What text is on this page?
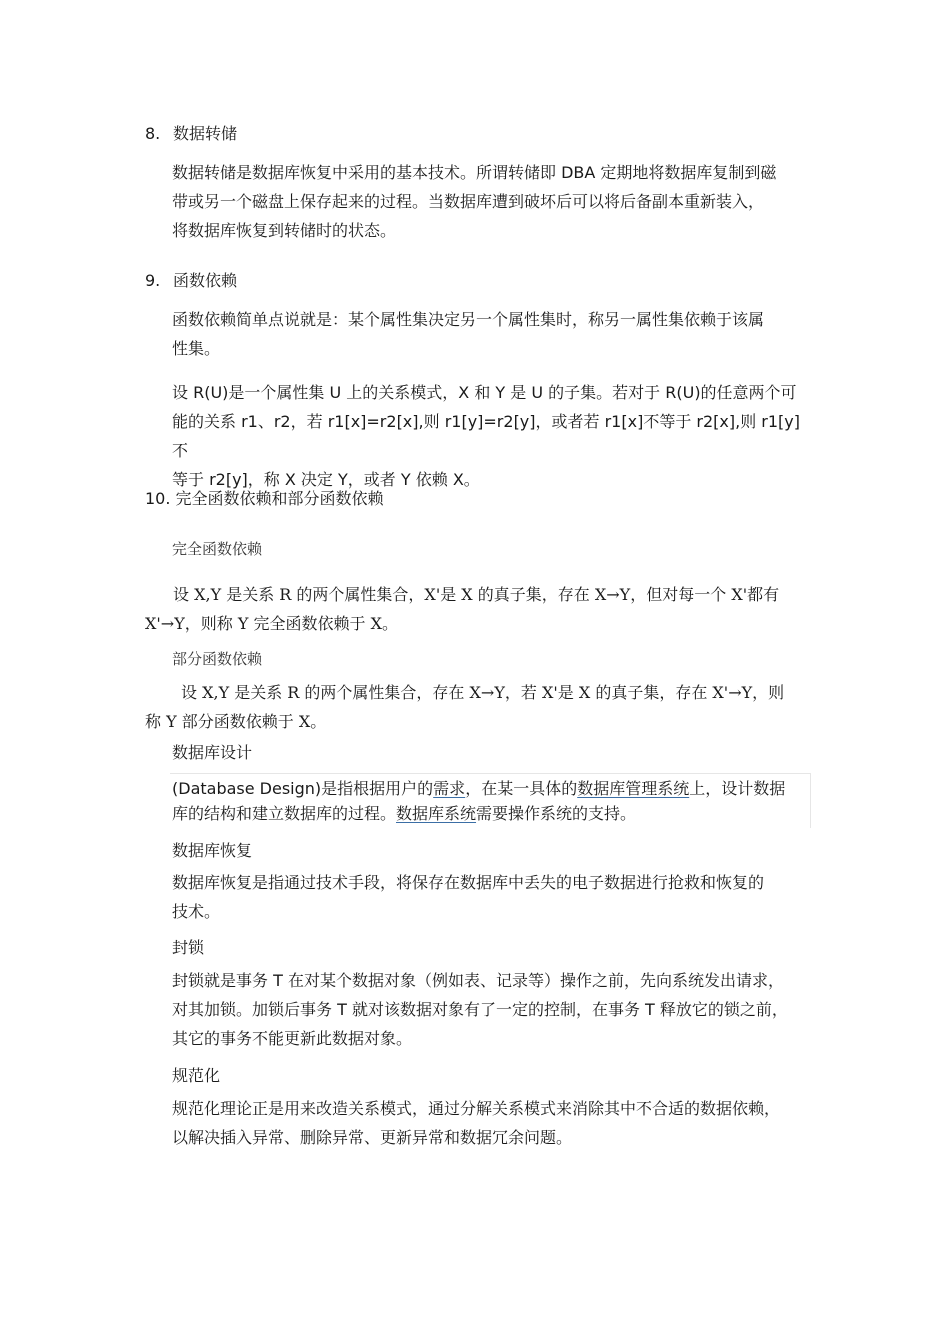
8. 数据转储
数据转储是数据库恢复中采用的基本技术。所谓转储即 DBA 定期地将数据库复制到磁
带或另一个磁盘上保存起来的过程。当数据库遭到破坏后可以将后备副本重新装入，
将数据库恢复到转储时的状态。
9. 函数依赖
函数依赖简单点说就是：某个属性集决定另一个属性集时，称另一属性集依赖于该属
性集。
设 R(U)是一个属性集 U 上的关系模式，X 和 Y 是 U 的子集。若对于 R(U)的任意两个可
能的关系 r1、r2，若 r1[x]=r2[x],则 r1[y]=r2[y]，或者若 r1[x]不等于 r2[x],则 r1[y]不
等于 r2[y]，称 X 决定 Y，或者 Y 依赖 X。
10. 完全函数依赖和部分函数依赖
完全函数依赖
设 X,Y 是关系 R 的两个属性集合，X'是 X 的真子集，存在 X→Y，但对每一个 X'都有
X'→Y，则称 Y 完全函数依赖于 X。
部分函数依赖
设 X,Y 是关系 R 的两个属性集合，存在 X→Y，若 X'是 X 的真子集，存在 X'→Y，则
称 Y 部分函数依赖于 X。
数据库设计
(Database Design)是指根据用户的需求，在某一具体的数据库管理系统上，设计数据
库的结构和建立数据库的过程。数据库系统需要操作系统的支持。
数据库恢复
数据库恢复是指通过技术手段，将保存在数据库中丢失的电子数据进行抢救和恢复的
技术。
封锁
封锁就是事务 T 在对某个数据对象（例如表、记录等）操作之前，先向系统发出请求，
对其加锁。加锁后事务 T 就对该数据对象有了一定的控制，在事务 T 释放它的锁之前，
其它的事务不能更新此数据对象。
规范化
规范化理论正是用来改造关系模式，通过分解关系模式来消除其中不合适的数据依赖，
以解决插入异常、删除异常、更新异常和数据冗余问题。
